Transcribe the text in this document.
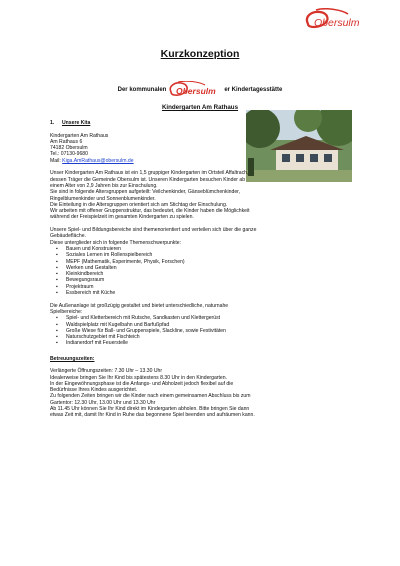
Obersulm
Kurzkonzeption
Der kommunalen Obersulm er Kindertagesstätte
Kindergarten Am Rathaus

1. Unsere Kita

Kindergarten Am Rathaus

Am Rathaus 6

74182 Obersulm

Tel.: 07130-9680

Mail: Kiga.AmRathaus@obersulm.de

Unser Kindergarten Am Rathaus ist ein 1,5 gruppiger Kindergarten im Ortsteil Affaltrach,

dessen Träger die Gemeinde Obersulm ist. Unseren Kindergarten besuchen Kinder ab

einem Alter von 2,9 Jahren bis zur Einschulung.

Sie sind in folgende Altersgruppen aufgeteilt: Veilchenkinder, Gänseblümchenkinder,

Ringelblumenkinder und Sonnenblumenkinder.

Die Einteilung in die Altersgruppen orientiert sich am Stichtag der Einschulung.

Wir arbeiten mit offener Gruppenstruktur, das bedeutet, die Kinder haben die Möglichkeit

während der Freispielzeit im gesamten Kindergarten zu spielen.

Unsere Spiel- und Bildungsbereiche sind themenorientiert und verteilen sich über die ganze

Gebäudefläche.

Diese unterglieder sich in folgende Themenschwerpunkte:

▪ Bauen und Konstruieren
▪ Soziales Lernen im Rollenspielbereich
▪ MEPF (Mathematik, Experimente, Physik, Forschen)
▪ Werken und Gestalten
▪ Kleinkindbereich
▪ Bewegungsraum
▪ Projektraum
▪ Essbereich mit Küche

Die Außenanlage ist großzügig gestaltet und bietet unterschiedliche, naturnahe

Spielbereiche:

▪ Spiel- und Kletterbereich mit Rutsche, Sandkasten und Klettergerüst
▪ Waldspielplatz mit Kugelbahn und Barfußpfad
▪ Große Wiese für Ball- und Gruppenspiele, Slackline, sowie Festivitäten
▪ Naturschutzgebiet mit Fischteich
▪ Indianerdorf mit Feuerstelle

Betreuungszeiten:

Verlängerte Öffnungszeiten: 7.30 Uhr – 13.30 Uhr

Idealerweise bringen Sie Ihr Kind bis spätestens 8.30 Uhr in den Kindergarten.

In der Eingewöhnungsphase ist die Anfangs- und Abholzeit jedoch flexibel auf die

Bedürfnisse Ihres Kindes ausgerichtet.

Zu folgenden Zeiten bringen wir die Kinder nach einem gemeinsamen Abschluss bis zum

Gartentor: 12.30 Uhr, 13.00 Uhr und 13.30 Uhr

Ab 11.45 Uhr können Sie Ihr Kind direkt im Kindergarten abholen. Bitte bringen Sie dann

etwas Zeit mit, damit Ihr Kind in Ruhe das begonnene Spiel beenden und aufräumen kann.
